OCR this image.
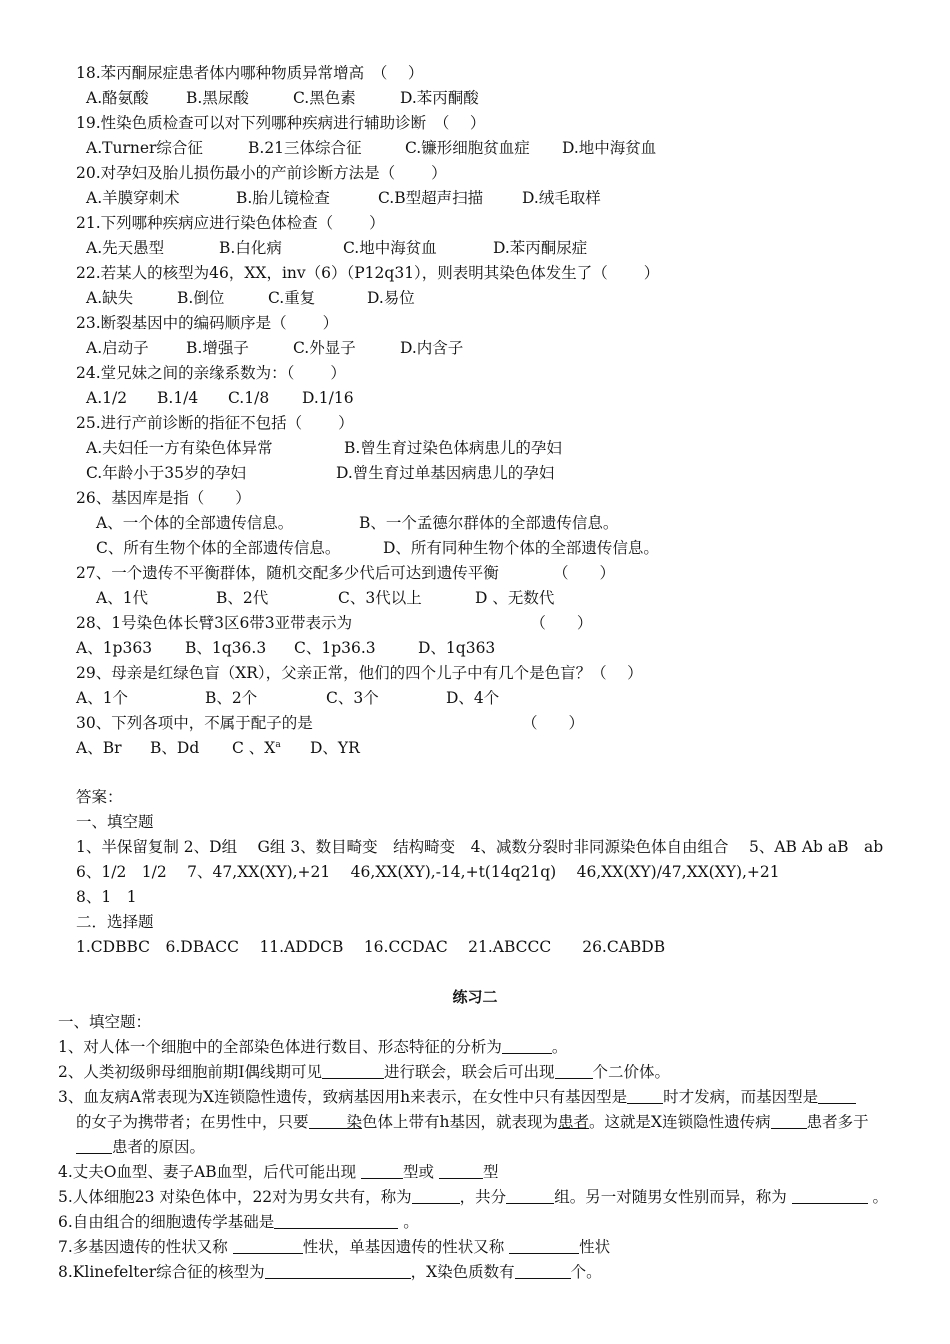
18.苯丙酮尿症患者体内哪种物质异常增高　（　 ）
A.酪氨酸 B.黑尿酸	C.黑色素	D.苯丙酮酸
19.性染色质检查可以对下列哪种疾病进行辅助诊断　（　 ）
A.Turner综合征	B.21三体综合征	C.镰形细胞贫血症 D.地中海贫血
20.对孕妇及胎儿损伤最小的产前诊断方法是（　　 ）
A.羊膜穿刺术	B.胎儿镜检查	C.B型超声扫描	D.绒毛取样
21.下列哪种疾病应进行染色体检查（　　 ）
A.先天愚型	B.白化病	C.地中海贫血	D.苯丙酮尿症
22.若某人的核型为46，XX，inv（6）（P12q31），则表明其染色体发生了（　　 ）
A.缺失	B.倒位	C.重复	D.易位
23.断裂基因中的编码顺序是（　　 ）
A.启动子 B.增强子	C.外显子	D.内含子
24.堂兄妹之间的亲缘系数为：（　　 ）
A.1/2 B.1/4 C.1/8 D.1/16
25.进行产前诊断的指征不包括（　　 ）
A.夫妇任一方有染色体异常	B.曾生育过染色体病患儿的孕妇
C.年龄小于35岁的孕妇	D.曾生育过单基因病患儿的孕妇
26、基因库是指（　　）
A、一个体的全部遗传信息。	B、一个孟德尔群体的全部遗传信息。
C、所有生物个体的全部遗传信息。	D、所有同种生物个体的全部遗传信息。
27、一个遗传不平衡群体，随机交配多少代后可达到遗传平衡　　　　（　　）
A、1代	B、2代	C、3代以上	D 、无数代
28、1号染色体长臂3区6带3亚带表示为　　　　　　　　　　　　（　　）
A、1p363 B、1q36.3 C、1p36.3	D、1q363
29、母亲是红绿色盲（XR），父亲正常，他们的四个儿子中有几个是色盲？（　 ）
A、1个	B、2个	C、3个	D、4个
30、下列各项中，不属于配子的是　　　　　　　　　　　　　　（　　）
A、Br B、Dd C 、$X^a$ D、YR
答案：
一、填空题
1、半保留复制 2、D组　 G组 3、数目畸变　结构畸变　4、减数分裂时非同源染色体自由组合　 5、AB Ab aB　ab
6、1/2　1/2　 7、47,XX(XY),+21　 46,XX(XY),-14,+t(14q21q)　 46,XX(XY)/47,XX(XY),+21
8、1　1
二．选择题
1.CDBBC　6.DBACC　 11.ADDCB　 16.CCDAC　 21.ABCCC　　26.CABDB
练习二
一、填空题：
1、对人体一个细胞中的全部染色体进行数目、形态特征的分析为	。
2、人类初级卵母细胞前期Ⅰ偶线期可见	进行联会，联会后可出现 个二价体。
3、血友病A常表现为X连锁隐性遗传，致病基因用h来表示，在女性中只有基因型是 时才发病，而基因型是
的女子为携带者；在男性中，只要 染色体上带有h基因，就表现为患者。这就是X连锁隐性遗传病 患者多于患者的原因。
4.丈夫O血型、妻子AB血型，后代可能出现	型或	型
5.人体细胞23 对染色体中，22对为男女共有，称为	，共分	组。另一对随男女性别而异，称为	。
6.自由组合的细胞遗传学基础是	。
7.多基因遗传的性状又称	性状，单基因遗传的性状又称	性状
8.Klinefelter综合征的核型为	，X染色质数有	个。
